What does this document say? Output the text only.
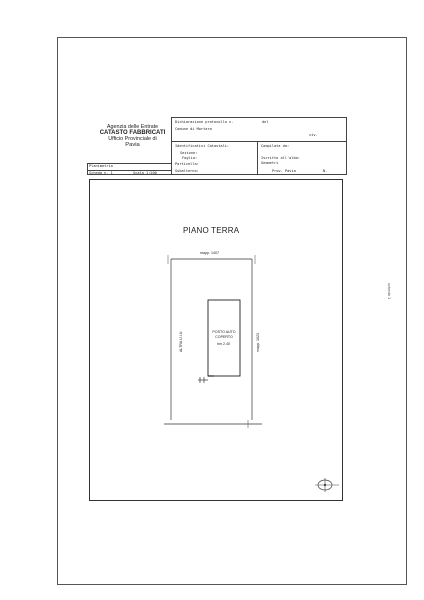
Agenzia delle Entrate
CATASTO FABBRICATI
Ufficio Provinciale di
Pavia
Dichiarazione protocollo n.	del
Comune di Mortara
civ.
Identificativi Catastali:
Sezione:
Foglio:
Particella:
Subalterno:
Compilata da:
Iscritto all'albo:
Geometri
Prov. Pavia	N.
Planimetria
Scheda n. 1	Scala 1:200
scheda 1
PIANO TERRA
mapp. 1407
POSTO AUTO COPERTO
hm 2.40
ALTRA U.I.U.	mapp. 1023
